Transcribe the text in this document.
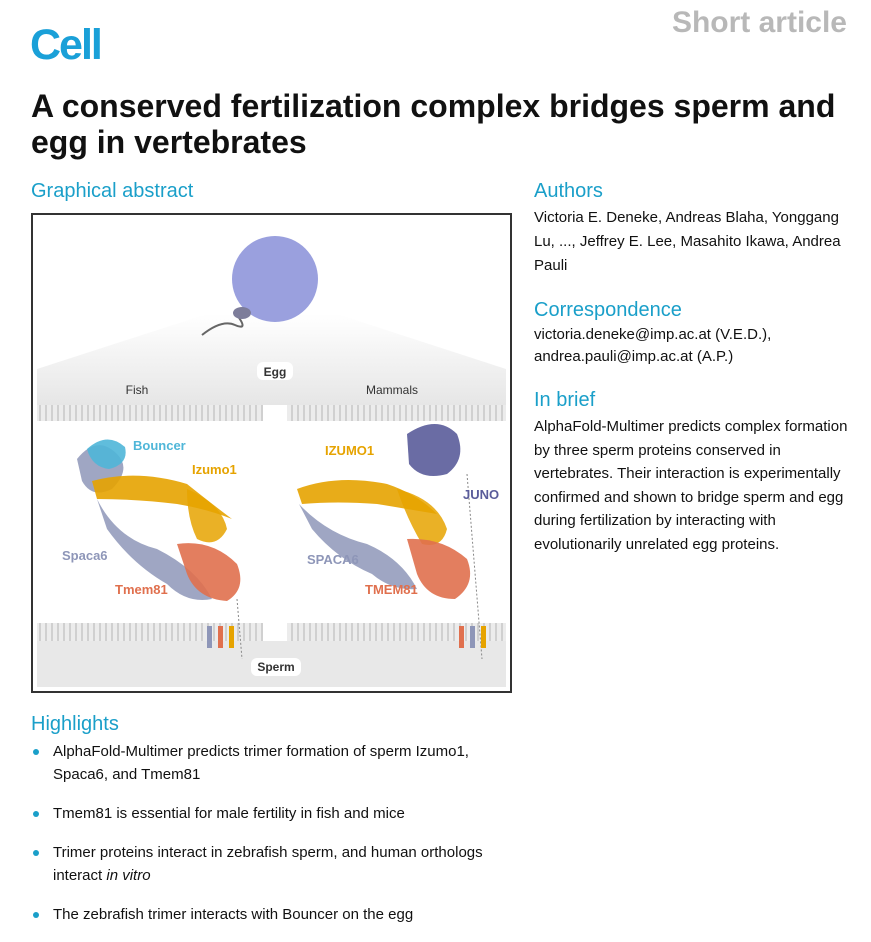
Cell	Short article
A conserved fertilization complex bridges sperm and egg in vertebrates
Graphical abstract
Egg
Fish	Mammals
Sperm
Bouncer
Izumo1
Spaca6
Tmem81
IZUMO1
JUNO
SPACA6
TMEM81
Authors
Victoria E. Deneke, Andreas Blaha, Yonggang Lu, ..., Jeffrey E. Lee, Masahito Ikawa, Andrea Pauli
Correspondence
victoria.deneke@imp.ac.at (V.E.D.),
andrea.pauli@imp.ac.at (A.P.)
In brief
AlphaFold-Multimer predicts complex formation by three sperm proteins conserved in vertebrates. Their interaction is experimentally confirmed and shown to bridge sperm and egg during fertilization by interacting with evolutionarily unrelated egg proteins.
Highlights
AlphaFold-Multimer predicts trimer formation of sperm Izumo1, Spaca6, and Tmem81
Tmem81 is essential for male fertility in fish and mice
Trimer proteins interact in zebrafish sperm, and human orthologs interact in vitro
The zebrafish trimer interacts with Bouncer on the egg
